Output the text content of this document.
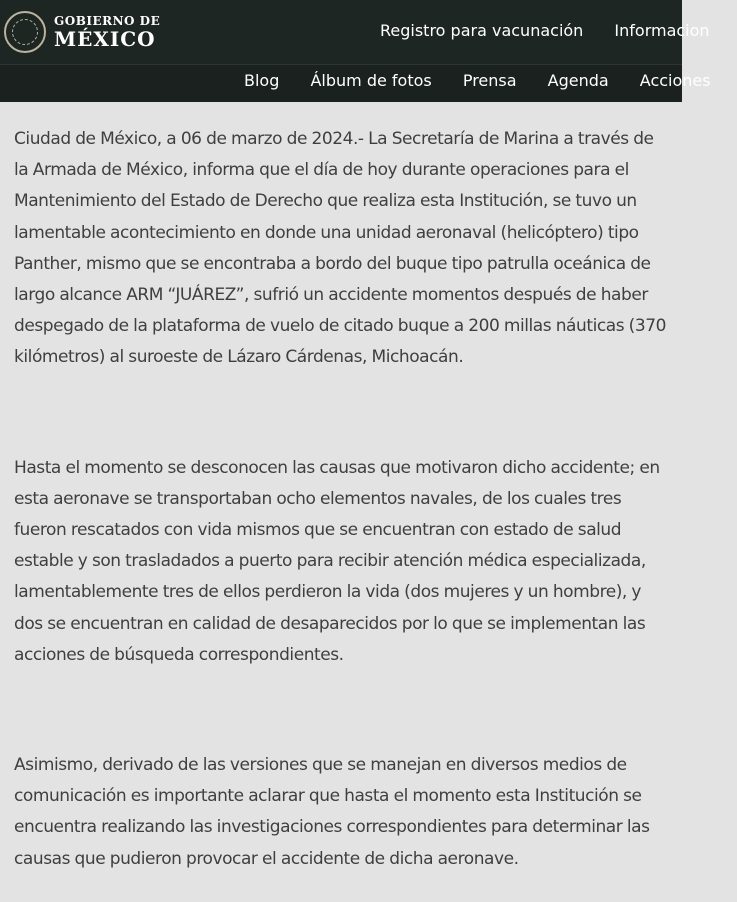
GOBIERNO DE
MÉXICO	Registro para vacunación Informacion
Blog Álbum de fotos Prensa Agenda Acciones

Ciudad de México, a 06 de marzo de 2024.- La Secretaría de Marina a través de la Armada de México, informa que el día de hoy durante operaciones para el Mantenimiento del Estado de Derecho que realiza esta Institución, se tuvo un lamentable acontecimiento en donde una unidad aeronaval (helicóptero) tipo Panther, mismo que se encontraba a bordo del buque tipo patrulla oceánica de largo alcance ARM “JUÁREZ”, sufrió un accidente momentos después de haber despegado de la plataforma de vuelo de citado buque a 200 millas náuticas (370 kilómetros) al suroeste de Lázaro Cárdenas, Michoacán.

Hasta el momento se desconocen las causas que motivaron dicho accidente; en esta aeronave se transportaban ocho elementos navales, de los cuales tres fueron rescatados con vida mismos que se encuentran con estado de salud estable y son trasladados a puerto para recibir atención médica especializada, lamentablemente tres de ellos perdieron la vida (dos mujeres y un hombre), y dos se encuentran en calidad de desaparecidos por lo que se implementan las acciones de búsqueda correspondientes.

Asimismo, derivado de las versiones que se manejan en diversos medios de comunicación es importante aclarar que hasta el momento esta Institución se encuentra realizando las investigaciones correspondientes para determinar las causas que pudieron provocar el accidente de dicha aeronave.
